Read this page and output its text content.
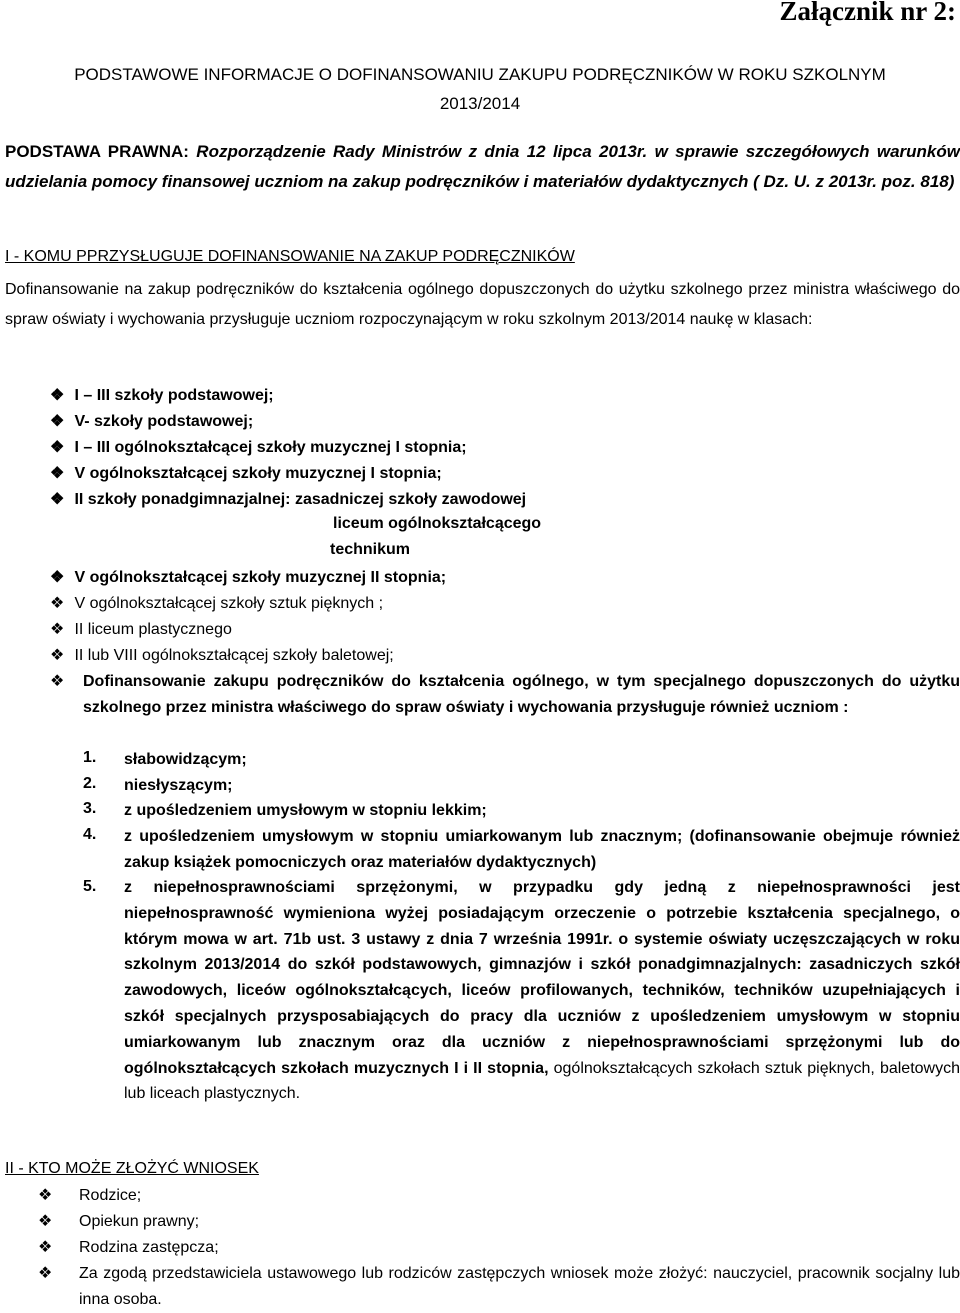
Załącznik nr 2:
PODSTAWOWE INFORMACJE O DOFINANSOWANIU ZAKUPU PODRĘCZNIKÓW W ROKU SZKOLNYM
2013/2014
PODSTAWA PRAWNA: Rozporządzenie Rady Ministrów z dnia 12 lipca 2013r. w sprawie szczegółowych warunków udzielania pomocy finansowej uczniom na zakup podręczników i materiałów dydaktycznych ( Dz. U. z 2013r. poz. 818)
I - KOMU PPRZYSŁUGUJE DOFINANSOWANIE NA ZAKUP PODRĘCZNIKÓW
Dofinansowanie na zakup podręczników do kształcenia ogólnego dopuszczonych do użytku szkolnego przez ministra właściwego do spraw oświaty i wychowania przysługuje uczniom rozpoczynającym w roku szkolnym 2013/2014 naukę w klasach:
❖ I – III szkoły podstawowej;
❖ V- szkoły podstawowej;
❖ I – III ogólnokształcącej szkoły muzycznej I stopnia;
❖ V ogólnokształcącej szkoły muzycznej I stopnia;
❖ II szkoły ponadgimnazjalnej: zasadniczej szkoły zawodowej
liceum ogólnokształcącego
technikum
❖ V ogólnokształcącej szkoły muzycznej II stopnia;
❖ V ogólnokształcącej szkoły sztuk pięknych ;
❖ II liceum plastycznego
❖ II lub VIII ogólnokształcącej szkoły baletowej;
❖ Dofinansowanie zakupu podręczników do kształcenia ogólnego, w tym specjalnego dopuszczonych do użytku szkolnego przez ministra właściwego do spraw oświaty i wychowania przysługuje również uczniom :
1. słabowidzącym;
2. niesłyszącym;
3. z upośledzeniem umysłowym w stopniu lekkim;
4. z upośledzeniem umysłowym w stopniu umiarkowanym lub znacznym; (dofinansowanie obejmuje również zakup książek pomocniczych oraz materiałów dydaktycznych)
5. z niepełnosprawnościami sprzężonymi, w przypadku gdy jedną z niepełnosprawności jest niepełnosprawność wymieniona wyżej posiadającym orzeczenie o potrzebie kształcenia specjalnego, o którym mowa w art. 71b ust. 3 ustawy z dnia 7 września 1991r. o systemie oświaty uczęszczających w roku szkolnym 2013/2014 do szkół podstawowych, gimnazjów i szkół ponadgimnazjalnych: zasadniczych szkół zawodowych, liceów ogólnokształcących, liceów profilowanych, techników, techników uzupełniających i szkół specjalnych przysposabiających do pracy dla uczniów z upośledzeniem umysłowym w stopniu umiarkowanym lub znacznym oraz dla uczniów z niepełnosprawnościami sprzężonymi lub do ogólnokształcących szkołach muzycznych I i II stopnia, ogólnokształcących szkołach sztuk pięknych, baletowych lub liceach plastycznych.
II - KTO MOŻE ZŁOŻYĆ WNIOSEK
❖ Rodzice;
❖ Opiekun prawny;
❖ Rodzina zastępcza;
❖ Za zgodą przedstawiciela ustawowego lub rodziców zastępczych wniosek może złożyć: nauczyciel, pracownik socjalny lub inna osoba.
